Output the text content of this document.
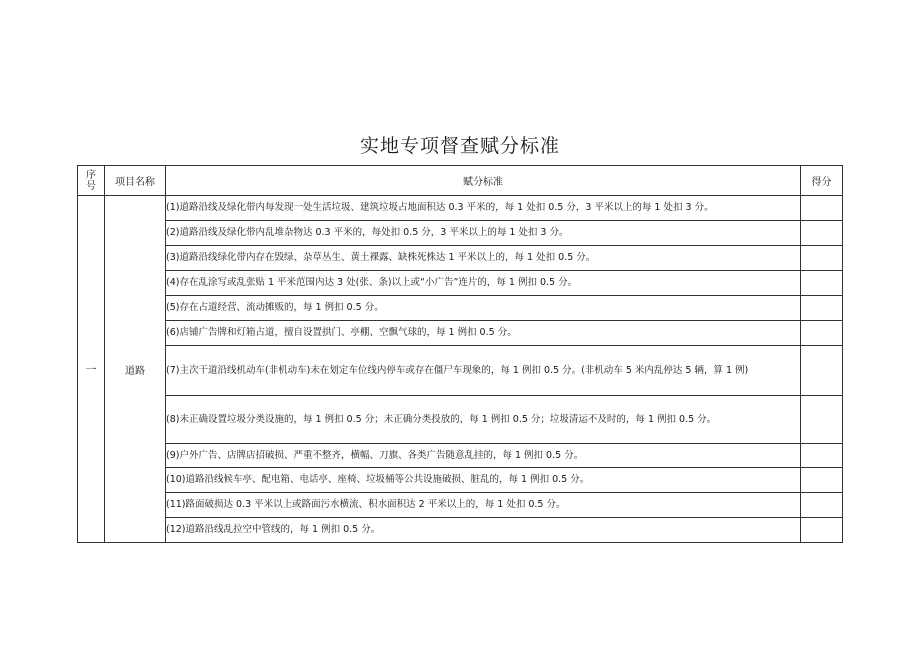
实地专项督查赋分标准
序
号	项目名称	赋分标准	得分
一	道路	(1)道路沿线及绿化带内每发现一处生活垃圾、建筑垃圾占地面积达 0.3 平米的，每 1 处扣 0.5 分，3 平米以上的每 1 处扣 3 分。	
		(2)道路沿线及绿化带内乱堆杂物达 0.3 平米的，每处扣 0.5 分，3 平米以上的每 1 处扣 3 分。	
		(3)道路沿线绿化带内存在毁绿、杂草丛生、黄土裸露、缺株死株达 1 平米以上的，每 1 处扣 0.5 分。	
		(4)存在乱涂写或乱张贴 1 平米范围内达 3 处(张、条)以上或“小广告”连片的，每 1 例扣 0.5 分。	
		(5)存在占道经营、流动摊贩的，每 1 例扣 0.5 分。	
		(6)店铺广告牌和灯箱占道，擅自设置拱门、亭棚、空飘气球的，每 1 例扣 0.5 分。	
		(7)主次干道沿线机动车(非机动车)未在划定车位线内停车或存在僵尸车现象的，每 1 例扣 0.5 分。(非机动车 5 米内乱停达 5 辆，算 1 例)	
		(8)未正确设置垃圾分类设施的，每 1 例扣 0.5 分；未正确分类投放的，每 1 例扣 0.5 分；垃圾清运不及时的，每 1 例扣 0.5 分。	
		(9)户外广告、店牌店招破损、严重不整齐，横幅、刀旗、各类广告随意乱挂的，每 1 例扣 0.5 分。	
		(10)道路沿线候车亭、配电箱、电话亭、座椅、垃圾桶等公共设施破损、脏乱的，每 1 例扣 0.5 分。	
		(11)路面破损达 0.3 平米以上或路面污水横流、积水面积达 2 平米以上的，每 1 处扣 0.5 分。	
		(12)道路沿线乱拉空中管线的，每 1 例扣 0.5 分。	
